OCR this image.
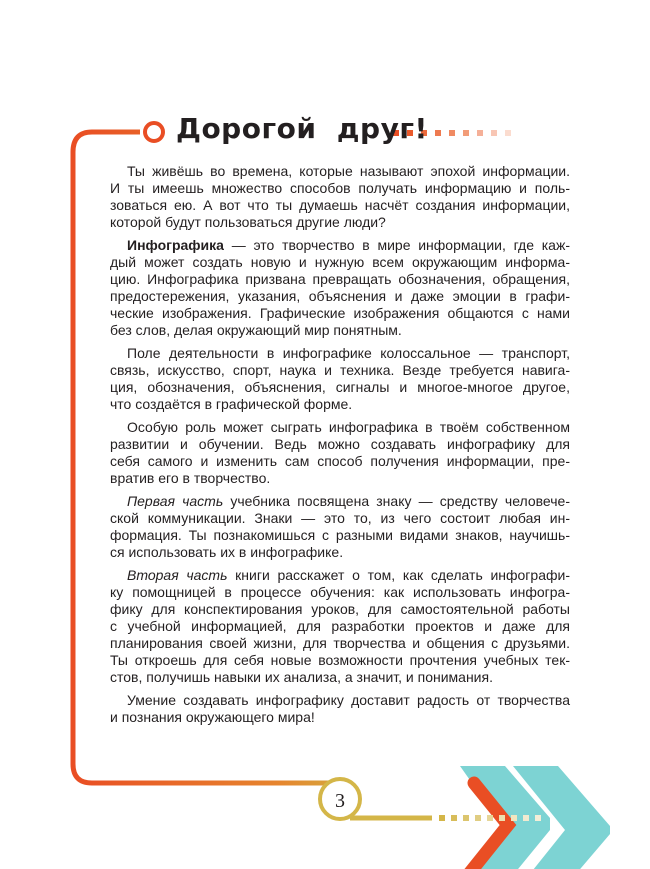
Дорогой  друг!
Ты живёшь во времена, которые называют эпохой информации.
И ты имеешь множество способов получать информацию и поль-
зоваться ею. А вот что ты думаешь насчёт создания информации,
которой будут пользоваться другие люди?
Инфографика — это творчество в мире информации, где каж-
дый может создать новую и нужную всем окружающим информа-
цию. Инфографика призвана превращать обозначения, обращения,
предостережения, указания, объяснения и даже эмоции в графи-
ческие изображения. Графические изображения общаются с нами
без слов, делая окружающий мир понятным.
Поле деятельности в инфографике колоссальное — транспорт,
связь, искусство, спорт, наука и техника. Везде требуется навига-
ция, обозначения, объяснения, сигналы и многое-многое другое,
что создаётся в графической форме.
Особую роль может сыграть инфографика в твоём собственном
развитии и обучении. Ведь можно создавать инфографику для
себя самого и изменить сам способ получения информации, пре-
вратив его в творчество.
Первая часть учебника посвящена знаку — средству человече-
ской коммуникации. Знаки — это то, из чего состоит любая ин-
формация. Ты познакомишься с разными видами знаков, научишь-
ся использовать их в инфографике.
Вторая часть книги расскажет о том, как сделать инфографи-
ку помощницей в процессе обучения: как использовать инфогра-
фику для конспектирования уроков, для самостоятельной работы
с учебной информацией, для разработки проектов и даже для
планирования своей жизни, для творчества и общения с друзьями.
Ты откроешь для себя новые возможности прочтения учебных тек-
стов, получишь навыки их анализа, а значит, и понимания.
Умение создавать инфографику доставит радость от творчества
и познания окружающего мира!
3
